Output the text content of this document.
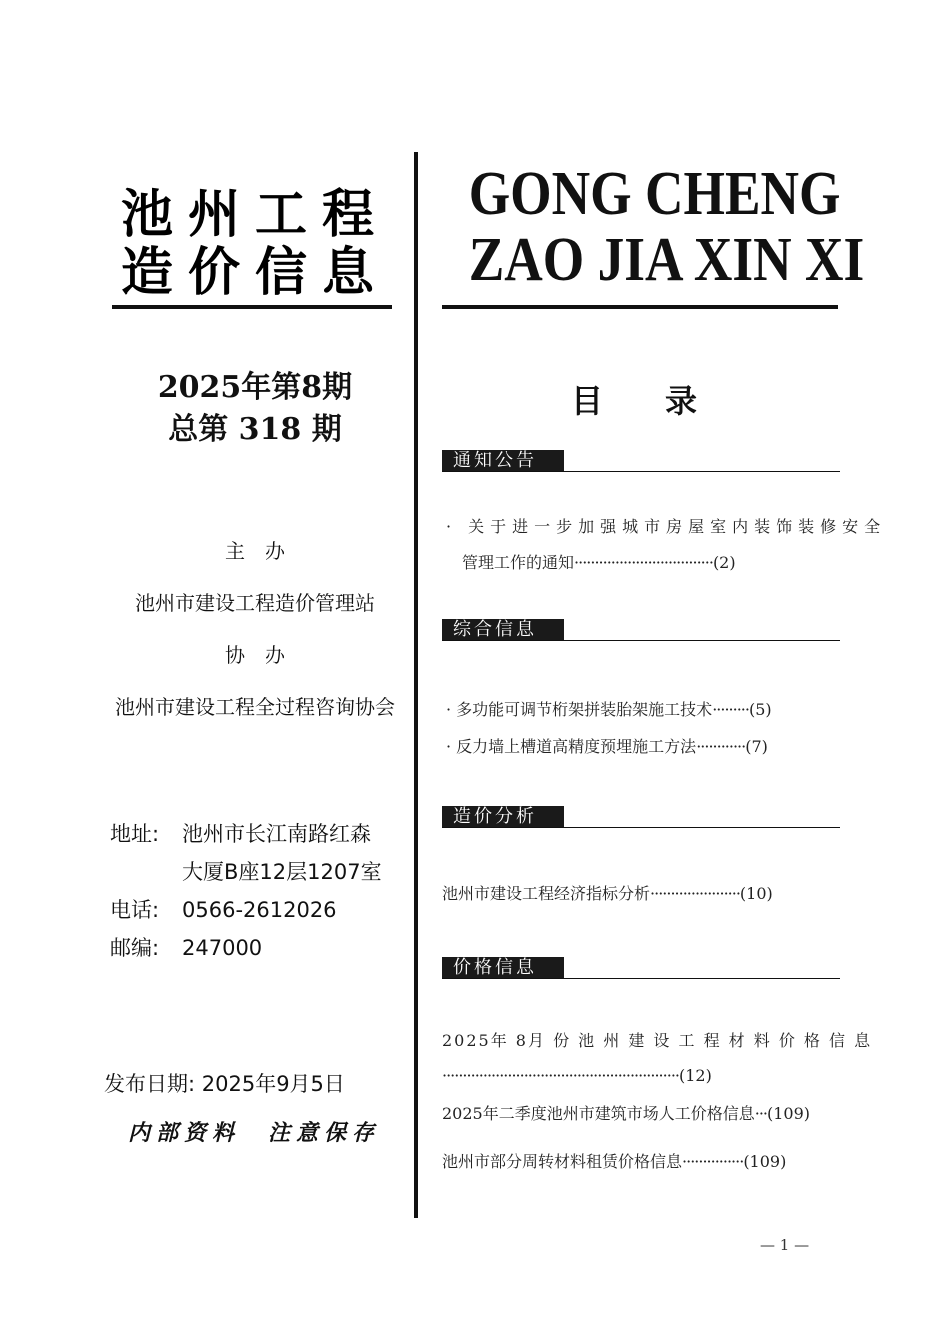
池州工程
造价信息
2025年第8期
总第 318 期
主　办
池州市建设工程造价管理站
协　办
池州市建设工程全过程咨询协会
地址: 池州市长江南路红森
大厦B座12层1207室
电话: 0566-2612026
邮编: 247000
发布日期: 2025年9月5日
内部资料　注意保存
GONG CHENG
ZAO JIA XIN XI
目录
通知公告
· 关于进一步加强城市房屋室内装饰装修安全
管理工作的通知··································(2)
综合信息
· 多功能可调节桁架拼装胎架施工技术·········(5)
· 反力墙上槽道高精度预埋施工方法············(7)
造价分析
池州市建设工程经济指标分析······················(10)
价格信息
2025年 8月 份 池 州 建 设 工 程 材 料 价 格 信 息
··························································(12)
2025年二季度池州市建筑市场人工价格信息···(109)
池州市部分周转材料租赁价格信息···············(109)
— 1 —
